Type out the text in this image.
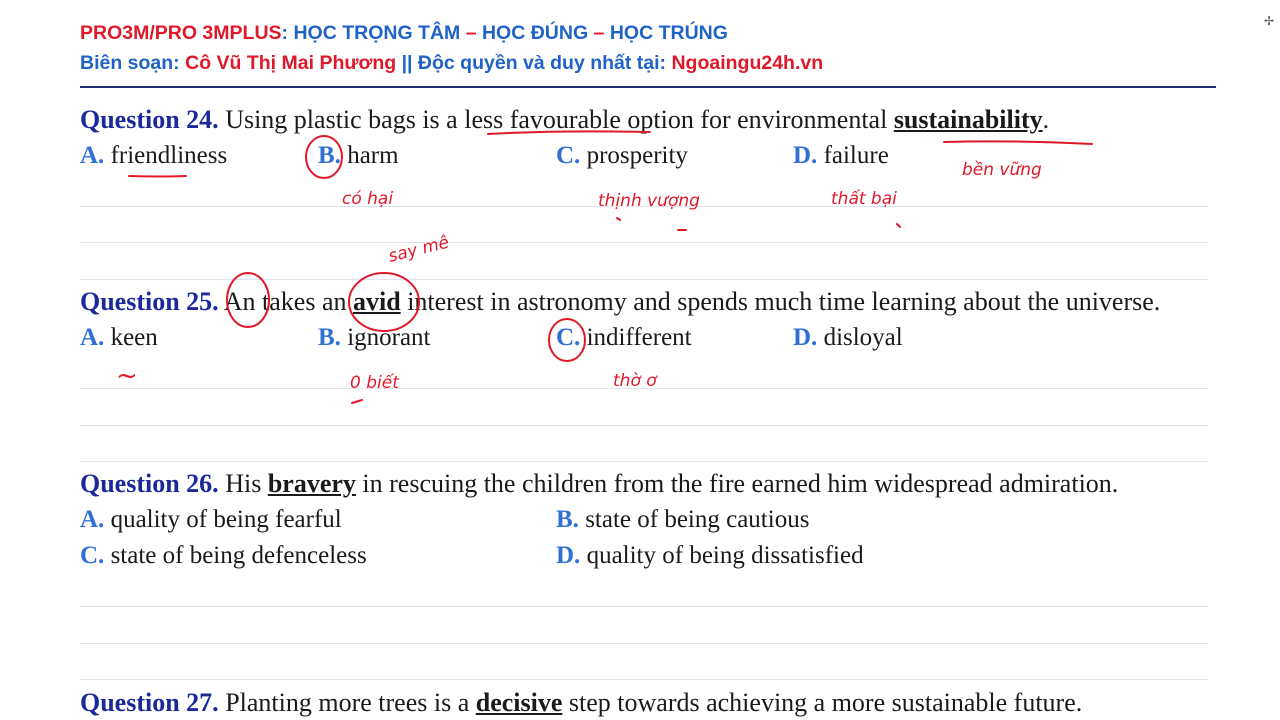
PRO3M/PRO 3MPLUS: HỌC TRỌNG TÂM – HỌC ĐÚNG – HỌC TRÚNG
Biên soạn: Cô Vũ Thị Mai Phương || Độc quyền và duy nhất tại: Ngoaingu24h.vn
✢
Question 24. Using plastic bags is a less favourable option for environmental sustainability.
A. friendliness	B. harm	C. prosperity	D. failure
Question 25. An takes an avid interest in astronomy and spends much time learning about the universe.
A. keen	B. ignorant	C. indifferent	D. disloyal
Question 26. His bravery in rescuing the children from the fire earned him widespread admiration.
A. quality of being fearful	B. state of being cautious
C. state of being defenceless	D. quality of being dissatisfied
Question 27. Planting more trees is a decisive step towards achieving a more sustainable future.
có hại
say mê
thịnh vượng	thất bại
bền vững
~	0 biết	thờ ơ
